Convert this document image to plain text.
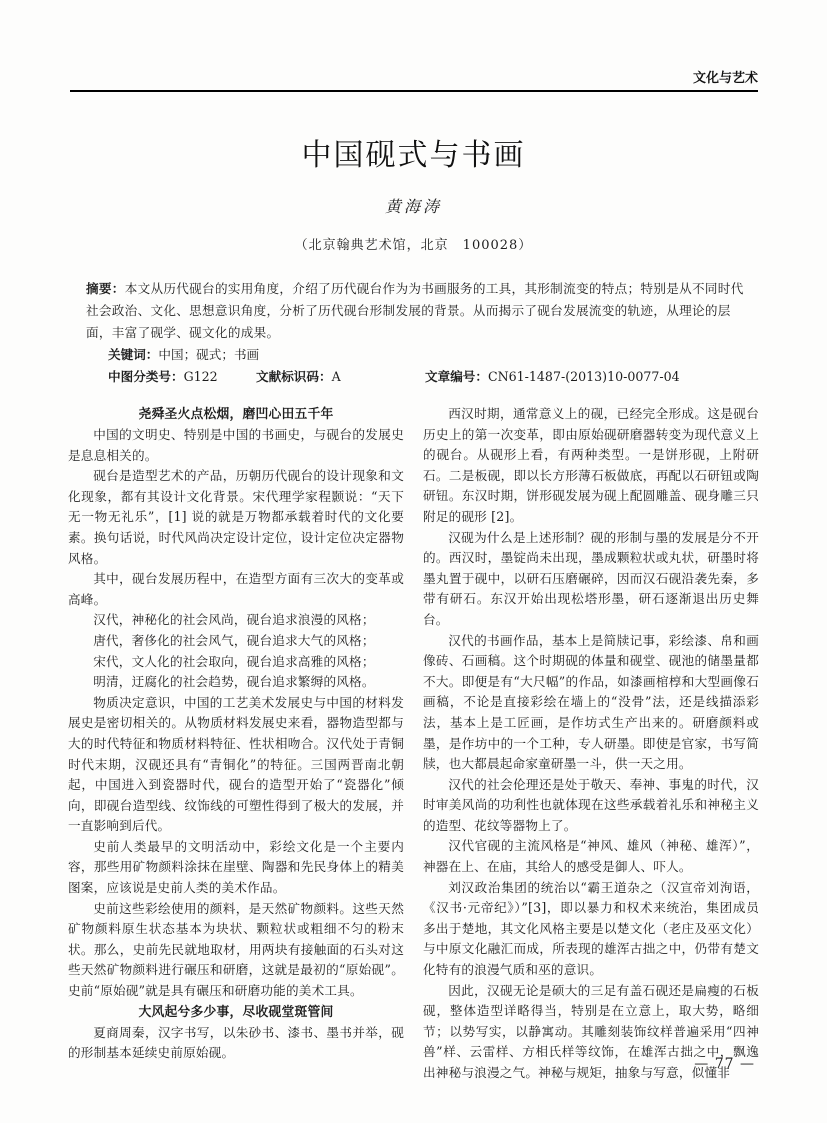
文化与艺术
中国砚式与书画
黄海涛
（北京翰典艺术馆，北京　100028）
摘要：本文从历代砚台的实用角度，介绍了历代砚台作为为书画服务的工具，其形制流变的特点；特别是从不同时代社会政治、文化、思想意识角度，分析了历代砚台形制发展的背景。从而揭示了砚台发展流变的轨迹，从理论的层面，丰富了砚学、砚文化的成果。
关键词：中国；砚式；书画
中图分类号：G122	文献标识码：A	文章编号：CN61-1487-(2013)10-0077-04
尧舜圣火点松烟，磨凹心田五千年

中国的文明史、特别是中国的书画史，与砚台的发展史是息息相关的。

砚台是造型艺术的产品，历朝历代砚台的设计现象和文化现象，都有其设计文化背景。宋代理学家程颢说：“天下无一物无礼乐”，[1] 说的就是万物都承载着时代的文化要素。换句话说，时代风尚决定设计定位，设计定位决定器物风格。

其中，砚台发展历程中，在造型方面有三次大的变革或高峰。

汉代，神秘化的社会风尚，砚台追求浪漫的风格；

唐代，奢侈化的社会风气，砚台追求大气的风格；

宋代，文人化的社会取向，砚台追求高雅的风格；

明清，迂腐化的社会趋势，砚台追求繁缛的风格。

物质决定意识，中国的工艺美术发展史与中国的材料发展史是密切相关的。从物质材料发展史来看，器物造型都与大的时代特征和物质材料特征、性状相吻合。汉代处于青铜时代末期，汉砚还具有“青铜化”的特征。三国两晋南北朝起，中国进入到瓷器时代，砚台的造型开始了“瓷器化”倾向，即砚台造型线、纹饰线的可塑性得到了极大的发展，并一直影响到后代。

史前人类最早的文明活动中，彩绘文化是一个主要内容，那些用矿物颜料涂抹在崖壁、陶器和先民身体上的精美图案，应该说是史前人类的美术作品。

史前这些彩绘使用的颜料，是天然矿物颜料。这些天然矿物颜料原生状态基本为块状、颗粒状或粗细不匀的粉末状。那么，史前先民就地取材，用两块有接触面的石头对这些天然矿物颜料进行碾压和研磨，这就是最初的“原始砚”。史前“原始砚”就是具有碾压和研磨功能的美术工具。

大风起兮多少事，尽收砚堂斑管间

夏商周秦，汉字书写，以朱砂书、漆书、墨书并举，砚的形制基本延续史前原始砚。

西汉时期，通常意义上的砚，已经完全形成。这是砚台历史上的第一次变革，即由原始砚研磨器转变为现代意义上的砚台。从砚形上看，有两种类型。一是饼形砚，上附研石。二是板砚，即以长方形薄石板做底，再配以石研钮或陶研钮。东汉时期，饼形砚发展为砚上配圆雕盖、砚身雕三只附足的砚形 [2]。

汉砚为什么是上述形制？砚的形制与墨的发展是分不开的。西汉时，墨锭尚未出现，墨成颗粒状或丸状，研墨时将墨丸置于砚中，以研石压磨碾碎，因而汉石砚沿袭先秦，多带有研石。东汉开始出现松塔形墨，研石逐渐退出历史舞台。

汉代的书画作品，基本上是简牍记事，彩绘漆、帛和画像砖、石画稿。这个时期砚的体量和砚堂、砚池的储墨量都不大。即便是有“大尺幅”的作品，如漆画棺椁和大型画像石画稿，不论是直接彩绘在墙上的“没骨”法，还是线描添彩法，基本上是工匠画，是作坊式生产出来的。研磨颜料或墨，是作坊中的一个工种，专人研墨。即使是官家，书写简牍，也大都晨起命家童研墨一斗，供一天之用。

汉代的社会伦理还是处于敬天、奉神、事鬼的时代，汉时审美风尚的功利性也就体现在这些承载着礼乐和神秘主义的造型、花纹等器物上了。

汉代官砚的主流风格是“神风、雄风（神秘、雄浑）”，神器在上、在庙，其给人的感受是御人、吓人。

刘汉政治集团的统治以“霸王道杂之（汉宣帝刘洵语，《汉书·元帝纪》）”[3]，即以暴力和权术来统治，集团成员多出于楚地，其文化风格主要是以楚文化（老庄及巫文化）与中原文化融汇而成，所表现的雄浑古拙之中，仍带有楚文化特有的浪漫气质和巫的意识。

因此，汉砚无论是硕大的三足有盖石砚还是扁瘦的石板砚，整体造型详略得当，特别是在立意上，取大势，略细节；以势写实，以静寓动。其雕刻装饰纹样普遍采用“四神兽”样、云雷样、方相氏样等纹饰，在雄浑古拙之中，飘逸出神秘与浪漫之气。神秘与规矩，抽象与写意，似懂非

— 77 —
